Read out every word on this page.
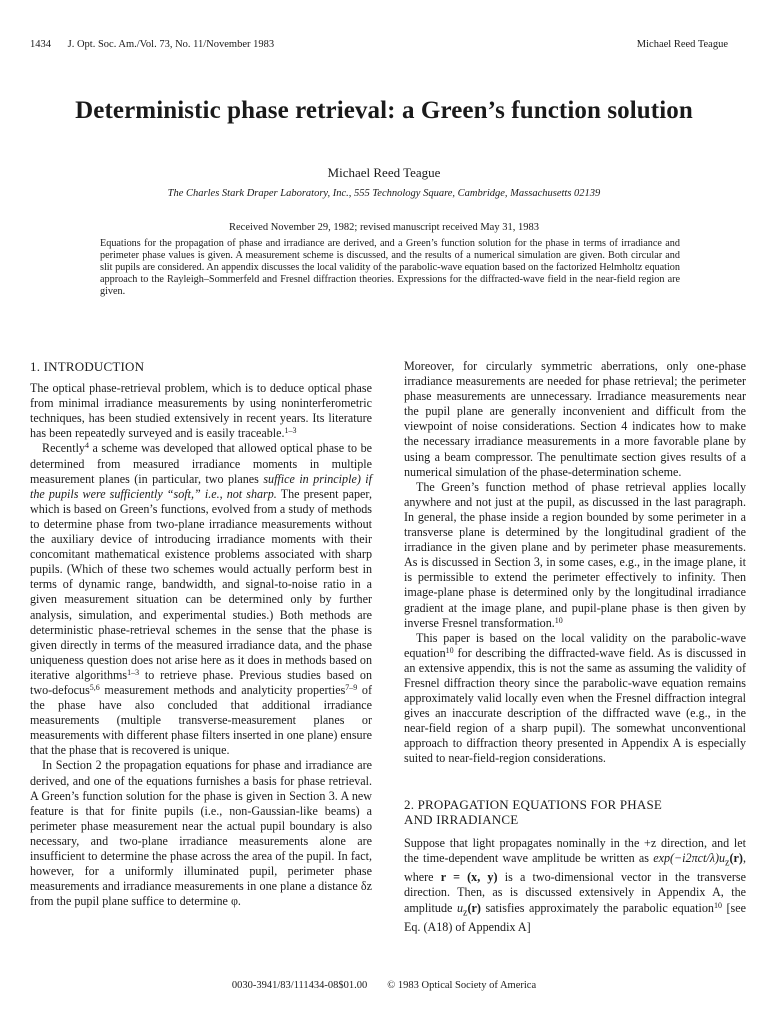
1434 J. Opt. Soc. Am./Vol. 73, No. 11/November 1983	Michael Reed Teague
Deterministic phase retrieval: a Green’s function solution
Michael Reed Teague
The Charles Stark Draper Laboratory, Inc., 555 Technology Square, Cambridge, Massachusetts 02139
Received November 29, 1982; revised manuscript received May 31, 1983
Equations for the propagation of phase and irradiance are derived, and a Green’s function solution for the phase in terms of irradiance and perimeter phase values is given. A measurement scheme is discussed, and the results of a numerical simulation are given. Both circular and slit pupils are considered. An appendix discusses the local validity of the parabolic-wave equation based on the factorized Helmholtz equation approach to the Rayleigh–Sommerfeld and Fresnel diffraction theories. Expressions for the diffracted-wave field in the near-field region are given.
1. INTRODUCTION

The optical phase-retrieval problem, which is to deduce optical phase from minimal irradiance measurements by using noninterferometric techniques, has been studied extensively in recent years. Its literature has been repeatedly surveyed and is easily traceable.$^{1-3}$

Recently$^4$ a scheme was developed that allowed optical phase to be determined from measured irradiance moments in multiple measurement planes (in particular, two planes suffice in principle) if the pupils were sufficiently “soft,” i.e., not sharp. The present paper, which is based on Green’s functions, evolved from a study of methods to determine phase from two-plane irradiance measurements without the auxiliary device of introducing irradiance moments with their concomitant mathematical existence problems associated with sharp pupils. (Which of these two schemes would actually perform best in terms of dynamic range, bandwidth, and signal-to-noise ratio in a given measurement situation can be determined only by further analysis, simulation, and experimental studies.) Both methods are deterministic phase-retrieval schemes in the sense that the phase is given directly in terms of the measured irradiance data, and the phase uniqueness question does not arise here as it does in methods based on iterative algorithms$^{1-3}$ to retrieve phase. Previous studies based on two-defocus$^{5,6}$ measurement methods and analyticity properties$^{7-9}$ of the phase have also concluded that additional irradiance measurements (multiple transverse-measurement planes or measurements with different phase filters inserted in one plane) ensure that the phase that is recovered is unique.

In Section 2 the propagation equations for phase and irradiance are derived, and one of the equations furnishes a basis for phase retrieval. A Green’s function solution for the phase is given in Section 3. A new feature is that for finite pupils (i.e., non-Gaussian-like beams) a perimeter phase measurement near the actual pupil boundary is also necessary, and two-plane irradiance measurements alone are insufficient to determine the phase across the area of the pupil. In fact, however, for a uniformly illuminated pupil, perimeter phase measurements and irradiance measurements in one plane a distance δz from the pupil plane suffice to determine φ.

Moreover, for circularly symmetric aberrations, only one-phase irradiance measurements are needed for phase retrieval; the perimeter phase measurements are unnecessary. Irradiance measurements near the pupil plane are generally inconvenient and difficult from the viewpoint of noise considerations. Section 4 indicates how to make the necessary irradiance measurements in a more favorable plane by using a beam compressor. The penultimate section gives results of a numerical simulation of the phase-determination scheme.

The Green’s function method of phase retrieval applies locally anywhere and not just at the pupil, as discussed in the last paragraph. In general, the phase inside a region bounded by some perimeter in a transverse plane is determined by the longitudinal gradient of the irradiance in the given plane and by perimeter phase measurements. As is discussed in Section 3, in some cases, e.g., in the image plane, it is permissible to extend the perimeter effectively to infinity. Then image-plane phase is determined only by the longitudinal irradiance gradient at the image plane, and pupil-plane phase is then given by inverse Fresnel transformation.$^{10}$

This paper is based on the local validity on the parabolic-wave equation$^{10}$ for describing the diffracted-wave field. As is discussed in an extensive appendix, this is not the same as assuming the validity of Fresnel diffraction theory since the parabolic-wave equation remains approximately valid locally even when the Fresnel diffraction integral gives an inaccurate description of the diffracted wave (e.g., in the near-field region of a sharp pupil). The somewhat unconventional approach to diffraction theory presented in Appendix A is especially suited to near-field-region considerations.

2. PROPAGATION EQUATIONS FOR PHASE
AND IRRADIANCE

Suppose that light propagates nominally in the +z direction, and let the time-dependent wave amplitude be written as $\exp(-i2\pi ct/\lambda)u_z(r)$, where r = (x, y) is a two-dimensional vector in the transverse direction. Then, as is discussed extensively in Appendix A, the amplitude $u_z(r)$ satisfies approximately the parabolic equation$^{10}$ [see Eq. (A18) of Appendix A]

0030-3941/83/111434-08$01.00 © 1983 Optical Society of America
